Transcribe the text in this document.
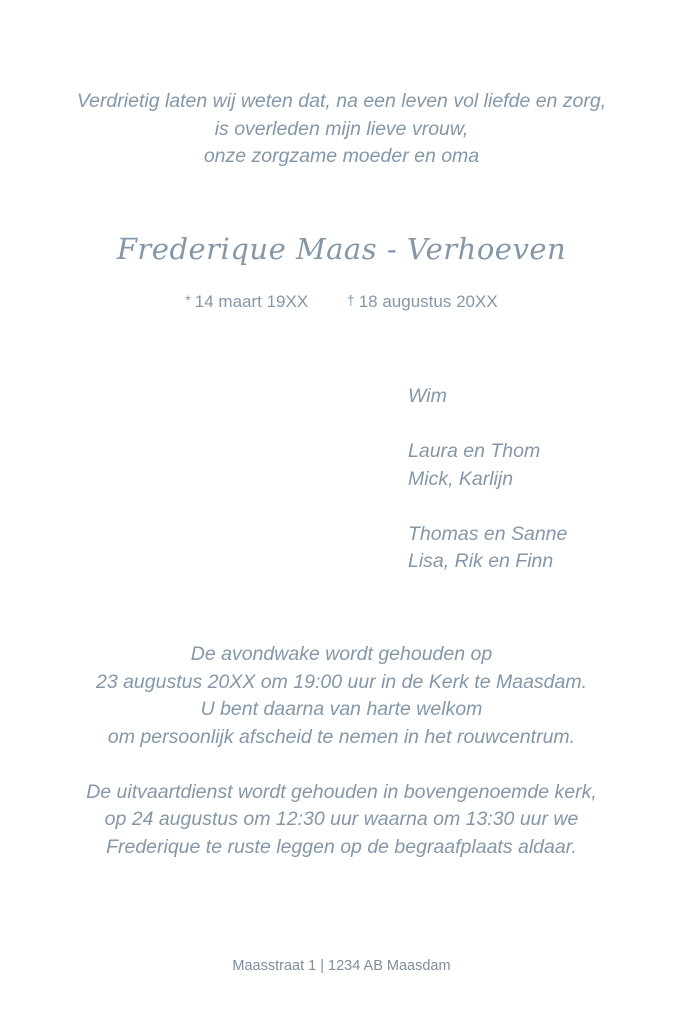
Verdrietig laten wij weten dat, na een leven vol liefde en zorg,
is overleden mijn lieve vrouw,
onze zorgzame moeder en oma
Frederique Maas - Verhoeven
* 14 maart 19XX	† 18 augustus 20XX
Wim
Laura en Thom
Mick, Karlijn
Thomas en Sanne
Lisa, Rik en Finn
De avondwake wordt gehouden op
23 augustus 20XX om 19:00 uur in de Kerk te Maasdam.
U bent daarna van harte welkom
om persoonlijk afscheid te nemen in het rouwcentrum.
De uitvaartdienst wordt gehouden in bovengenoemde kerk,
op 24 augustus om 12:30 uur waarna om 13:30 uur we
Frederique te ruste leggen op de begraafplaats aldaar.
Maasstraat 1 | 1234 AB Maasdam
